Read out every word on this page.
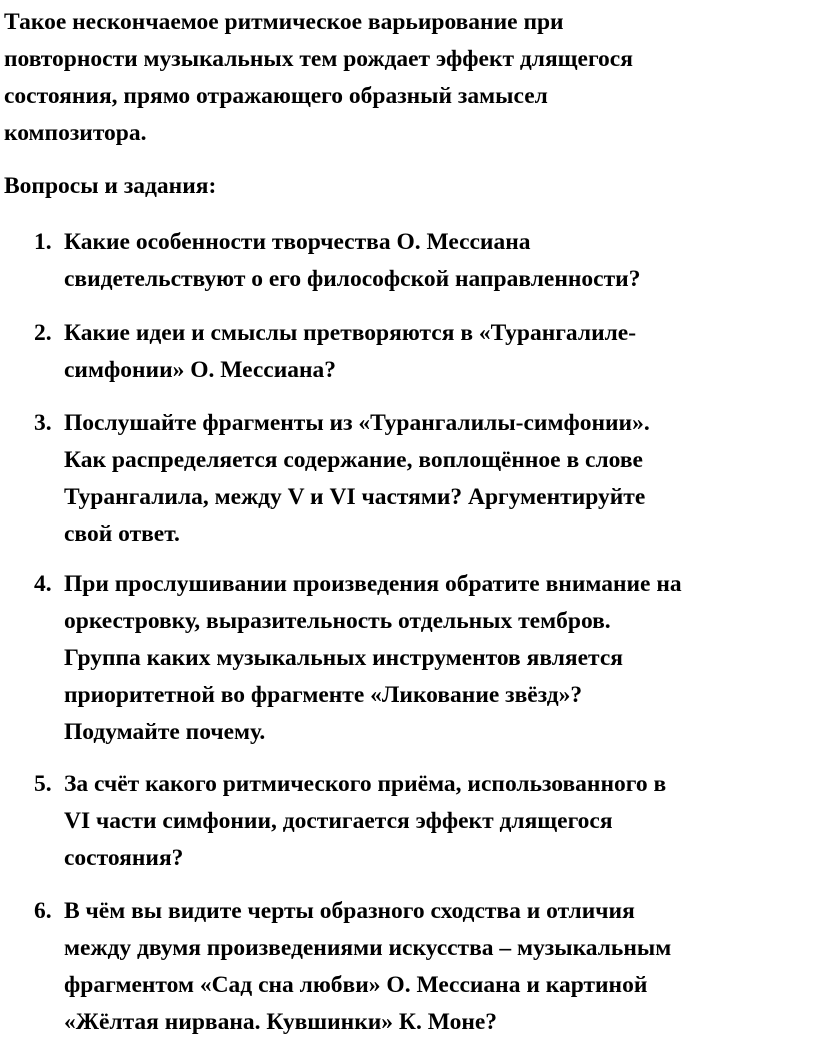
Такое нескончаемое ритмическое варьирование при
повторности музыкальных тем рождает эффект длящегося
состояния, прямо отражающего образный замысел
композитора.

Вопросы и задания:

1. Какие особенности творчества О. Мессиана
свидетельствуют о его философской направленности?
2. Какие идеи и смыслы претворяются в «Турангалиле-
симфонии» О. Мессиана?
3. Послушайте фрагменты из «Турангалилы-симфонии».
Как распределяется содержание, воплощённое в слове
Турангалила, между V и VI частями? Аргументируйте
свой ответ.
4. При прослушивании произведения обратите внимание на
оркестровку, выразительность отдельных тембров.
Группа каких музыкальных инструментов является
приоритетной во фрагменте «Ликование звёзд»?
Подумайте почему.
5. За счёт какого ритмического приёма, использованного в
VI части симфонии, достигается эффект длящегося
состояния?
6. В чём вы видите черты образного сходства и отличия
между двумя произведениями искусства – музыкальным
фрагментом «Сад сна любви» О. Мессиана и картиной
«Жёлтая нирвана. Кувшинки» К. Моне?
